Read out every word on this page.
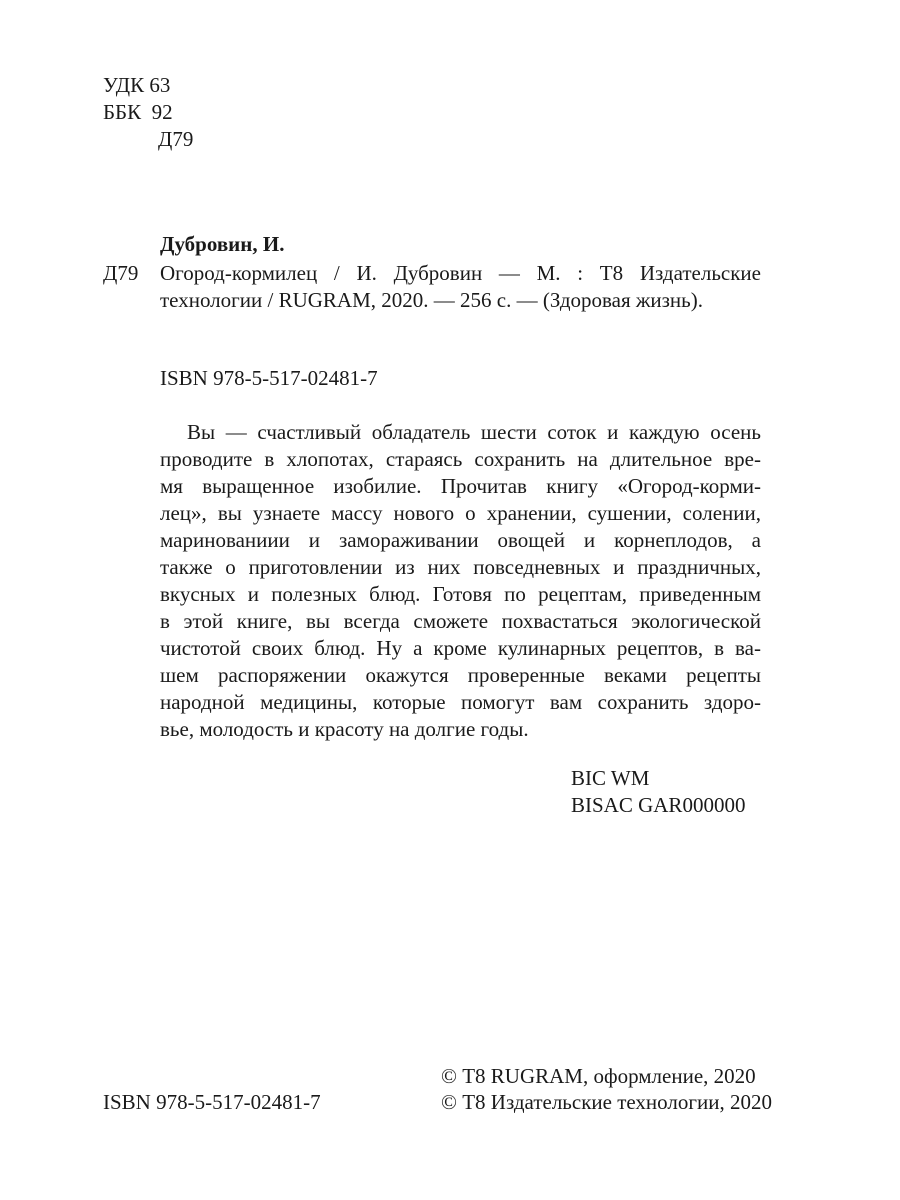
УДК 63
ББК  92
Д79
Дубровин, И.
Д79 Огород-кормилец / И. Дубровин — М. : Т8 Издательские
технологии / RUGRAM, 2020. — 256 с. — (Здоровая жизнь).
ISBN 978-5-517-02481-7
Вы — счастливый обладатель шести соток и каждую осень
проводите в хлопотах, стараясь сохранить на длительное вре-
мя выращенное изобилие. Прочитав книгу «Огород-корми-
лец», вы узнаете массу нового о хранении, сушении, солении,
маринованиии и замораживании овощей и корнеплодов, а
также о приготовлении из них повседневных и праздничных,
вкусных и полезных блюд. Готовя по рецептам, приведенным
в этой книге, вы всегда сможете похвастаться экологической
чистотой своих блюд. Ну а кроме кулинарных рецептов, в ва-
шем распоряжении окажутся проверенные веками рецепты
народной медицины, которые помогут вам сохранить здоро-
вье, молодость и красоту на долгие годы.
BIC WM
BISAC GAR000000
ISBN 978-5-517-02481-7
© Т8 RUGRAM, оформление, 2020
© Т8 Издательские технологии, 2020
